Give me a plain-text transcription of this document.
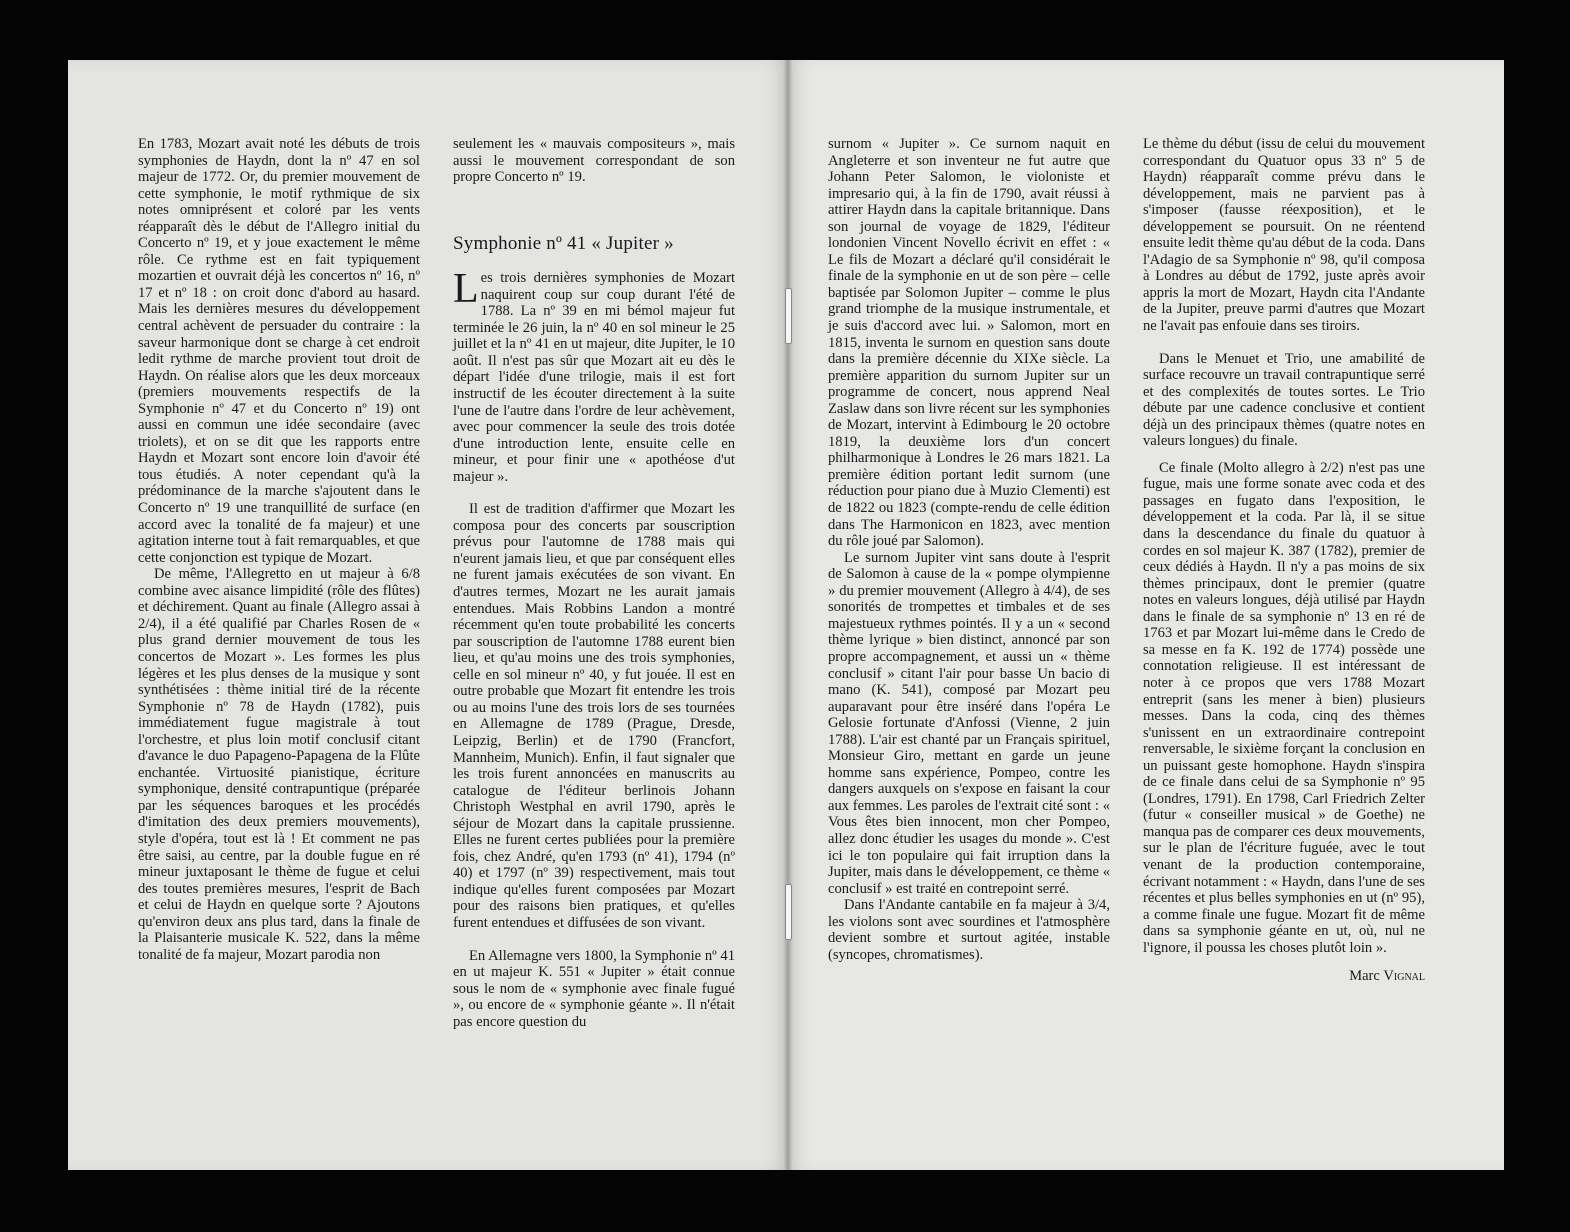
En 1783, Mozart avait noté les débuts de trois symphonies de Haydn, dont la nº 47 en sol majeur de 1772. Or, du premier mouvement de cette symphonie, le motif rythmique de six notes omniprésent et coloré par les vents réapparaît dès le début de l'Allegro initial du Concerto nº 19, et y joue exactement le même rôle. Ce rythme est en fait typiquement mozartien et ouvrait déjà les concertos nº 16, nº 17 et nº 18 : on croit donc d'abord au hasard. Mais les dernières mesures du développement central achèvent de persuader du contraire : la saveur harmonique dont se charge à cet endroit ledit rythme de marche provient tout droit de Haydn. On réalise alors que les deux morceaux (premiers mouvements respectifs de la Symphonie nº 47 et du Concerto nº 19) ont aussi en commun une idée secondaire (avec triolets), et on se dit que les rapports entre Haydn et Mozart sont encore loin d'avoir été tous étudiés. A noter cependant qu'à la prédominance de la marche s'ajoutent dans le Concerto nº 19 une tranquillité de surface (en accord avec la tonalité de fa majeur) et une agitation interne tout à fait remarquables, et que cette conjonction est typique de Mozart.

De même, l'Allegretto en ut majeur à 6/8 combine avec aisance limpidité (rôle des flûtes) et déchirement. Quant au finale (Allegro assai à 2/4), il a été qualifié par Charles Rosen de « plus grand dernier mouvement de tous les concertos de Mozart ». Les formes les plus légères et les plus denses de la musique y sont synthétisées : thème initial tiré de la récente Symphonie nº 78 de Haydn (1782), puis immédiatement fugue magistrale à tout l'orchestre, et plus loin motif conclusif citant d'avance le duo Papageno-Papagena de la Flûte enchantée. Virtuosité pianistique, écriture symphonique, densité contrapuntique (préparée par les séquences baroques et les procédés d'imitation des deux premiers mouvements), style d'opéra, tout est là ! Et comment ne pas être saisi, au centre, par la double fugue en ré mineur juxtaposant le thème de fugue et celui des toutes premières mesures, l'esprit de Bach et celui de Haydn en quelque sorte ? Ajoutons qu'environ deux ans plus tard, dans la finale de la Plaisanterie musicale K. 522, dans la même tonalité de fa majeur, Mozart parodia non

seulement les « mauvais compositeurs », mais aussi le mouvement correspondant de son propre Concerto nº 19.

Symphonie nº 41 « Jupiter »

Les trois dernières symphonies de Mozart naquirent coup sur coup durant l'été de 1788. La nº 39 en mi bémol majeur fut terminée le 26 juin, la nº 40 en sol mineur le 25 juillet et la nº 41 en ut majeur, dite Jupiter, le 10 août. Il n'est pas sûr que Mozart ait eu dès le départ l'idée d'une trilogie, mais il est fort instructif de les écouter directement à la suite l'une de l'autre dans l'ordre de leur achèvement, avec pour commencer la seule des trois dotée d'une introduction lente, ensuite celle en mineur, et pour finir une « apothéose d'ut majeur ».

Il est de tradition d'affirmer que Mozart les composa pour des concerts par souscription prévus pour l'automne de 1788 mais qui n'eurent jamais lieu, et que par conséquent elles ne furent jamais exécutées de son vivant. En d'autres termes, Mozart ne les aurait jamais entendues. Mais Robbins Landon a montré récemment qu'en toute probabilité les concerts par souscription de l'automne 1788 eurent bien lieu, et qu'au moins une des trois symphonies, celle en sol mineur nº 40, y fut jouée. Il est en outre probable que Mozart fit entendre les trois ou au moins l'une des trois lors de ses tournées en Allemagne de 1789 (Prague, Dresde, Leipzig, Berlin) et de 1790 (Francfort, Mannheim, Munich). Enfin, il faut signaler que les trois furent annoncées en manuscrits au catalogue de l'éditeur berlinois Johann Christoph Westphal en avril 1790, après le séjour de Mozart dans la capitale prussienne. Elles ne furent certes publiées pour la première fois, chez André, qu'en 1793 (nº 41), 1794 (nº 40) et 1797 (nº 39) respectivement, mais tout indique qu'elles furent composées par Mozart pour des raisons bien pratiques, et qu'elles furent entendues et diffusées de son vivant.

En Allemagne vers 1800, la Symphonie nº 41 en ut majeur K. 551 « Jupiter » était connue sous le nom de « symphonie avec finale fugué », ou encore de « symphonie géante ». Il n'était pas encore question du

surnom « Jupiter ». Ce surnom naquit en Angleterre et son inventeur ne fut autre que Johann Peter Salomon, le violoniste et impresario qui, à la fin de 1790, avait réussi à attirer Haydn dans la capitale britannique. Dans son journal de voyage de 1829, l'éditeur londonien Vincent Novello écrivit en effet : « Le fils de Mozart a déclaré qu'il considérait le finale de la symphonie en ut de son père – celle baptisée par Solomon Jupiter – comme le plus grand triomphe de la musique instrumentale, et je suis d'accord avec lui. » Salomon, mort en 1815, inventa le surnom en question sans doute dans la première décennie du XIXe siècle. La première apparition du surnom Jupiter sur un programme de concert, nous apprend Neal Zaslaw dans son livre récent sur les symphonies de Mozart, intervint à Edimbourg le 20 octobre 1819, la deuxième lors d'un concert philharmonique à Londres le 26 mars 1821. La première édition portant ledit surnom (une réduction pour piano due à Muzio Clementi) est de 1822 ou 1823 (compte-rendu de celle édition dans The Harmonicon en 1823, avec mention du rôle joué par Salomon).

Le surnom Jupiter vint sans doute à l'esprit de Salomon à cause de la « pompe olympienne » du premier mouvement (Allegro à 4/4), de ses sonorités de trompettes et timbales et de ses majestueux rythmes pointés. Il y a un « second thème lyrique » bien distinct, annoncé par son propre accompagnement, et aussi un « thème conclusif » citant l'air pour basse Un bacio di mano (K. 541), composé par Mozart peu auparavant pour être inséré dans l'opéra Le Gelosie fortunate d'Anfossi (Vienne, 2 juin 1788). L'air est chanté par un Français spirituel, Monsieur Giro, mettant en garde un jeune homme sans expérience, Pompeo, contre les dangers auxquels on s'expose en faisant la cour aux femmes. Les paroles de l'extrait cité sont : « Vous êtes bien innocent, mon cher Pompeo, allez donc étudier les usages du monde ». C'est ici le ton populaire qui fait irruption dans la Jupiter, mais dans le développement, ce thème « conclusif » est traité en contrepoint serré.

Dans l'Andante cantabile en fa majeur à 3/4, les violons sont avec sourdines et l'atmosphère devient sombre et surtout agitée, instable (syncopes, chromatismes).

Le thème du début (issu de celui du mouvement correspondant du Quatuor opus 33 nº 5 de Haydn) réapparaît comme prévu dans le développement, mais ne parvient pas à s'imposer (fausse réexposition), et le développement se poursuit. On ne réentend ensuite ledit thème qu'au début de la coda. Dans l'Adagio de sa Symphonie nº 98, qu'il composa à Londres au début de 1792, juste après avoir appris la mort de Mozart, Haydn cita l'Andante de la Jupiter, preuve parmi d'autres que Mozart ne l'avait pas enfouie dans ses tiroirs.

Dans le Menuet et Trio, une amabilité de surface recouvre un travail contrapuntique serré et des complexités de toutes sortes. Le Trio débute par une cadence conclusive et contient déjà un des principaux thèmes (quatre notes en valeurs longues) du finale.

Ce finale (Molto allegro à 2/2) n'est pas une fugue, mais une forme sonate avec coda et des passages en fugato dans l'exposition, le développement et la coda. Par là, il se situe dans la descendance du finale du quatuor à cordes en sol majeur K. 387 (1782), premier de ceux dédiés à Haydn. Il n'y a pas moins de six thèmes principaux, dont le premier (quatre notes en valeurs longues, déjà utilisé par Haydn dans le finale de sa symphonie nº 13 en ré de 1763 et par Mozart lui-même dans le Credo de sa messe en fa K. 192 de 1774) possède une connotation religieuse. Il est intéressant de noter à ce propos que vers 1788 Mozart entreprit (sans les mener à bien) plusieurs messes. Dans la coda, cinq des thèmes s'unissent en un extraordinaire contrepoint renversable, le sixième forçant la conclusion en un puissant geste homophone. Haydn s'inspira de ce finale dans celui de sa Symphonie nº 95 (Londres, 1791). En 1798, Carl Friedrich Zelter (futur « conseiller musical » de Goethe) ne manqua pas de comparer ces deux mouvements, sur le plan de l'écriture fuguée, avec le tout venant de la production contemporaine, écrivant notamment : « Haydn, dans l'une de ses récentes et plus belles symphonies en ut (nº 95), a comme finale une fugue. Mozart fit de même dans sa symphonie géante en ut, où, nul ne l'ignore, il poussa les choses plutôt loin ».

Marc Vignal
